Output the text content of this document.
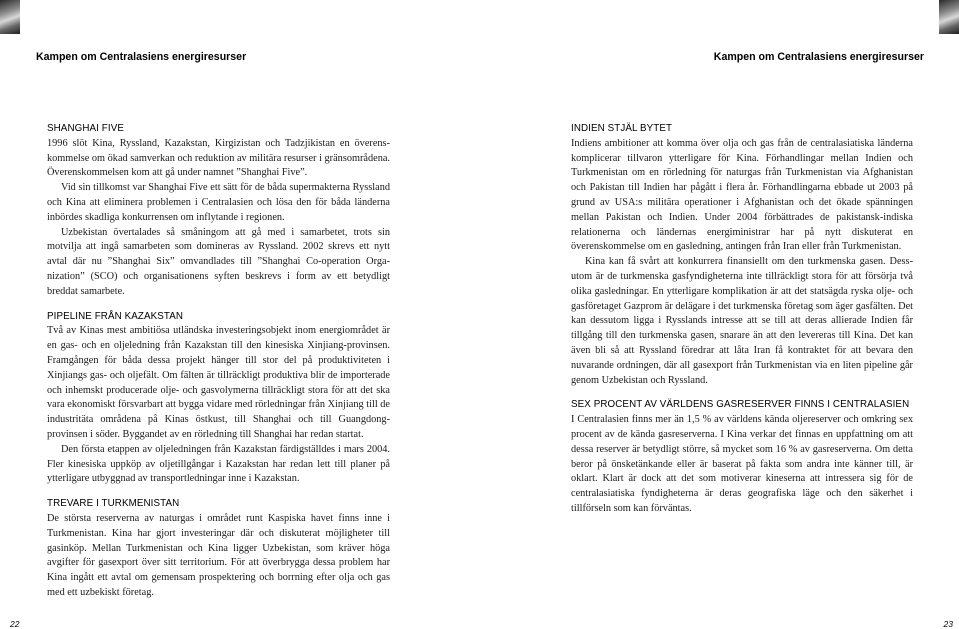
Kampen om Centralasiens energiresurser	Kampen om Centralasiens energiresurser
SHANGHAI FIVE

1996 slöt Kina, Ryssland, Kazakstan, Kirgizistan och Tadzjikistan en överenskommelse om ökad samverkan och reduktion av militära resurser i gränsområdena. Överenskommelsen kom att gå under namnet ”Shanghai Five”.

Vid sin tillkomst var Shanghai Five ett sätt för de båda supermakterna Ryssland och Kina att eliminera problemen i Centralasien och lösa den för båda länderna inbördes skadliga konkurrensen om inflytande i regionen.

Uzbekistan övertalades så småningom att gå med i samarbetet, trots sin motvilja att ingå samarbeten som domineras av Ryssland. 2002 skrevs ett nytt avtal där nu ”Shanghai Six” omvandlades till ”Shanghai Co-operation Organization” (SCO) och organisationens syften beskrevs i form av ett betydligt breddat samarbete.

PIPELINE FRÅN KAZAKSTAN

Två av Kinas mest ambitiösa utländska investeringsobjekt inom energiområdet är en gas- och en oljeledning från Kazakstan till den kinesiska Xinjiang-provinsen. Framgången för båda dessa projekt hänger till stor del på produktiviteten i Xinjiangs gas- och oljefält. Om fälten är tillräckligt produktiva blir de importerade och inhemskt producerade olje- och gasvolymerna tillräckligt stora för att det ska vara ekonomiskt försvarbart att bygga vidare med rörledningar från Xinjiang till de industritäta områdena på Kinas östkust, till Shanghai och till Guangdong-provinsen i söder. Byggandet av en rörledning till Shanghai har redan startat.

Den första etappen av oljeledningen från Kazakstan färdigställdes i mars 2004. Fler kinesiska uppköp av oljetillgångar i Kazakstan har redan lett till planer på ytterligare utbyggnad av transportledningar inne i Kazakstan.

TREVARE I TURKMENISTAN

De största reserverna av naturgas i området runt Kaspiska havet finns inne i Turkmenistan. Kina har gjort investeringar där och diskuterat möjligheter till gasinköp. Mellan Turkmenistan och Kina ligger Uzbekistan, som kräver höga avgifter för gasexport över sitt territorium. För att överbrygga dessa problem har Kina ingått ett avtal om gemensam prospektering och borrning efter olja och gas med ett uzbekiskt företag.

INDIEN STJÄL BYTET

Indiens ambitioner att komma över olja och gas från de centralasiatiska länderna komplicerar tillvaron ytterligare för Kina. Förhandlingar mellan Indien och Turkmenistan om en rörledning för naturgas från Turkmenistan via Afghanistan och Pakistan till Indien har pågått i flera år. Förhandlingarna ebbade ut 2003 på grund av USA:s militära operationer i Afghanistan och det ökade spänningen mellan Pakistan och Indien. Under 2004 förbättrades de pakistansk-indiska relationerna och ländernas energiministrar har på nytt diskuterat en överenskommelse om en gasledning, antingen från Iran eller från Turkmenistan.

Kina kan få svårt att konkurrera finansiellt om den turkmenska gasen. Dessutom är de turkmenska gasfyndigheterna inte tillräckligt stora för att försörja två olika gasledningar. En ytterligare komplikation är att det statsägda ryska olje- och gasföretaget Gazprom är delägare i det turkmenska företag som äger gasfälten. Det kan dessutom ligga i Rysslands intresse att se till att deras allierade Indien får tillgång till den turkmenska gasen, snarare än att den levereras till Kina. Det kan även bli så att Ryssland föredrar att låta Iran få kontraktet för att bevara den nuvarande ordningen, där all gasexport från Turkmenistan via en liten pipeline går genom Uzbekistan och Ryssland.

SEX PROCENT AV VÄRLDENS GASRESERVER FINNS I CENTRALASIEN

I Centralasien finns mer än 1,5 % av världens kända oljereserver och omkring sex procent av de kända gasreserverna. I Kina verkar det finnas en uppfattning om att dessa reserver är betydligt större, så mycket som 16 % av gasreserverna. Om detta beror på önsketänkande eller är baserat på fakta som andra inte känner till, är oklart. Klart är dock att det som motiverar kineserna att intressera sig för de centralasiatiska fyndigheterna är deras geografiska läge och den säkerhet i tillförseln som kan förväntas.

22	23
